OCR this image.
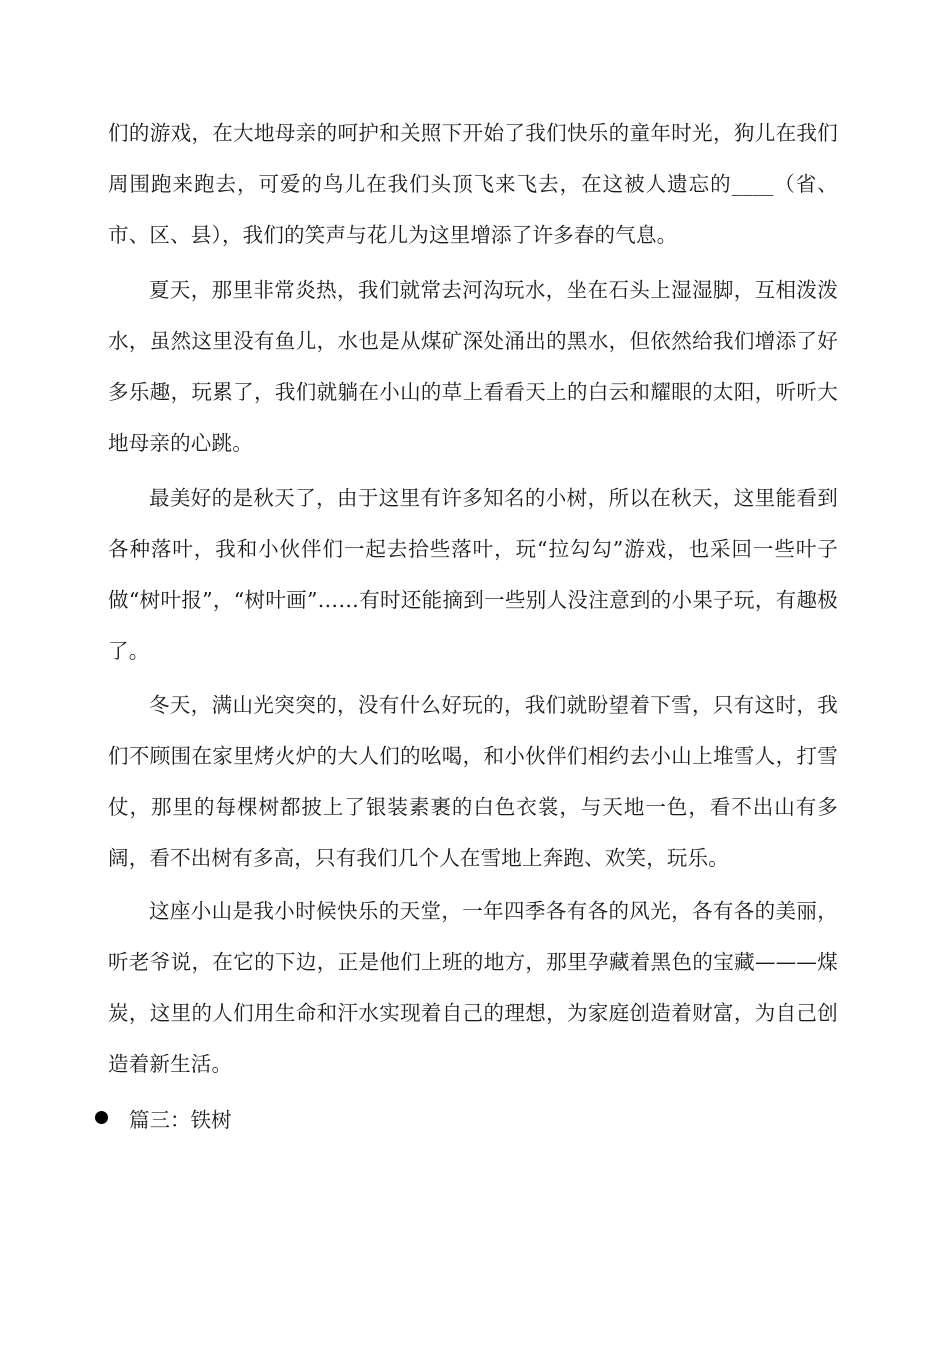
们的游戏，在大地母亲的呵护和关照下开始了我们快乐的童年时光，狗儿在我们周围跑来跑去，可爱的鸟儿在我们头顶飞来飞去，在这被人遗忘的____（省、市、区、县），我们的笑声与花儿为这里增添了许多春的气息。

夏天，那里非常炎热，我们就常去河沟玩水，坐在石头上湿湿脚，互相泼泼水，虽然这里没有鱼儿，水也是从煤矿深处涌出的黑水，但依然给我们增添了好多乐趣，玩累了，我们就躺在小山的草上看看天上的白云和耀眼的太阳，听听大地母亲的心跳。

最美好的是秋天了，由于这里有许多知名的小树，所以在秋天，这里能看到各种落叶，我和小伙伴们一起去拾些落叶，玩“拉勾勾”游戏，也采回一些叶子做“树叶报”，“树叶画”……有时还能摘到一些别人没注意到的小果子玩，有趣极了。

冬天，满山光突突的，没有什么好玩的，我们就盼望着下雪，只有这时，我们不顾围在家里烤火炉的大人们的吆喝，和小伙伴们相约去小山上堆雪人，打雪仗，那里的每棵树都披上了银装素裹的白色衣裳，与天地一色，看不出山有多阔，看不出树有多高，只有我们几个人在雪地上奔跑、欢笑，玩乐。

这座小山是我小时候快乐的天堂，一年四季各有各的风光，各有各的美丽，听老爷说，在它的下边，正是他们上班的地方，那里孕藏着黑色的宝藏———煤炭，这里的人们用生命和汗水实现着自己的理想，为家庭创造着财富，为自己创造着新生活。

篇三：铁树
